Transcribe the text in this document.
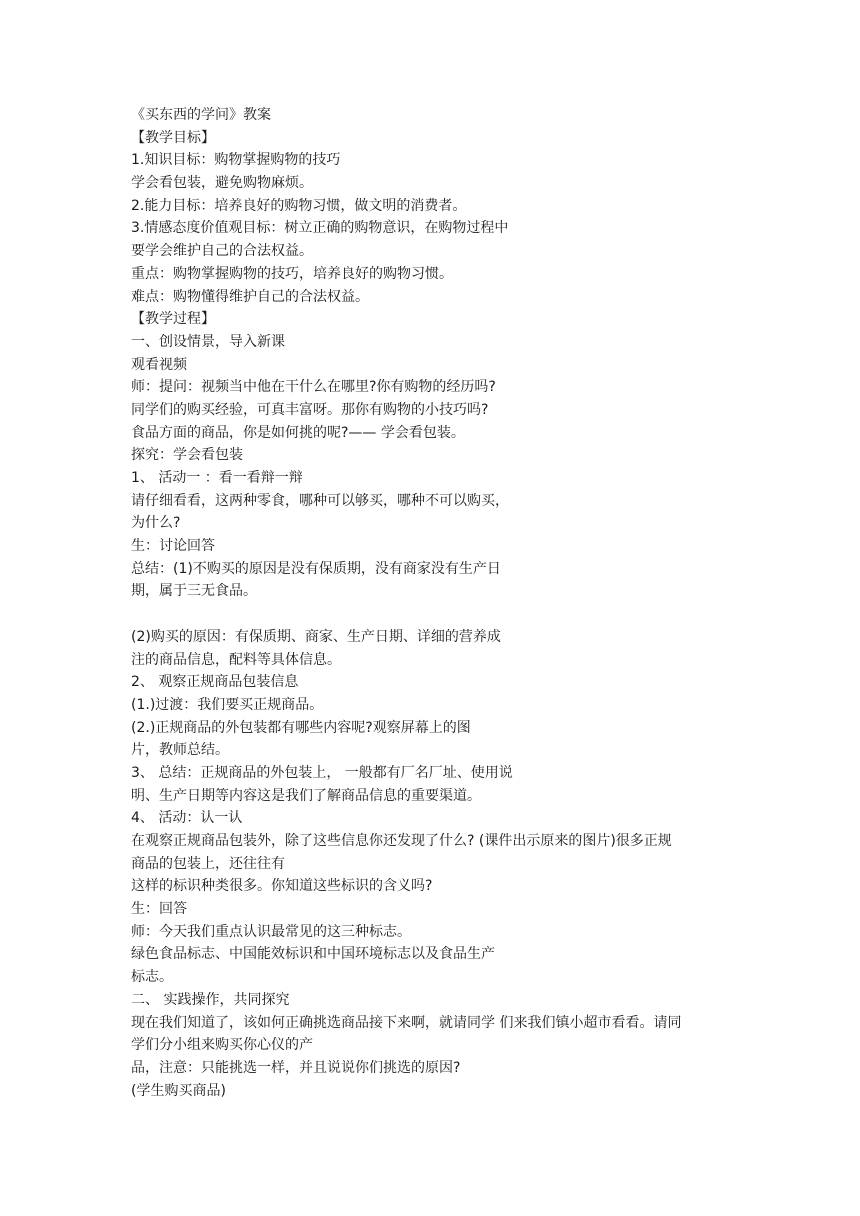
《买东西的学问》教案
【教学目标】
1.知识目标：购物掌握购物的技巧
学会看包装，避免购物麻烦。
2.能力目标：培养良好的购物习惯，做文明的消费者。
3.情感态度价值观目标：树立正确的购物意识，在购物过程中
要学会维护自己的合法权益。
重点：购物掌握购物的技巧，培养良好的购物习惯。
难点：购物懂得维护自己的合法权益。
【教学过程】
一、创设情景，导入新课
观看视频
师：提问：视频当中他在干什么在哪里?你有购物的经历吗?
同学们的购买经验，可真丰富呀。那你有购物的小技巧吗?
食品方面的商品，你是如何挑的呢?—— 学会看包装。
探究：学会看包装
1、 活动一 ：看一看辩一辩
请仔细看看，这两种零食，哪种可以够买，哪种不可以购买，
为什么?
生：讨论回答
总结：(1)不购买的原因是没有保质期，没有商家没有生产日
期，属于三无食品。
(2)购买的原因：有保质期、商家、生产日期、详细的营养成
注的商品信息，配料等具体信息。
2、 观察正规商品包装信息
(1.)过渡：我们要买正规商品。
(2.)正规商品的外包装都有哪些内容呢?观察屏幕上的图
片，教师总结。
3、 总结：正规商品的外包装上， 一般都有厂名厂址、使用说
明、生产日期等内容这是我们了解商品信息的重要渠道。
4、 活动：认一认
在观察正规商品包装外，除了这些信息你还发现了什么? (课件出示原来的图片)很多正规
商品的包装上，还往往有
这样的标识种类很多。你知道这些标识的含义吗?
生：回答
师：今天我们重点认识最常见的这三种标志。
绿色食品标志、中国能效标识和中国环境标志以及食品生产
标志。
二、 实践操作，共同探究
现在我们知道了，该如何正确挑选商品接下来啊，就请同学 们来我们镇小超市看看。请同
学们分小组来购买你心仪的产
品，注意：只能挑选一样，并且说说你们挑选的原因?
(学生购买商品)
